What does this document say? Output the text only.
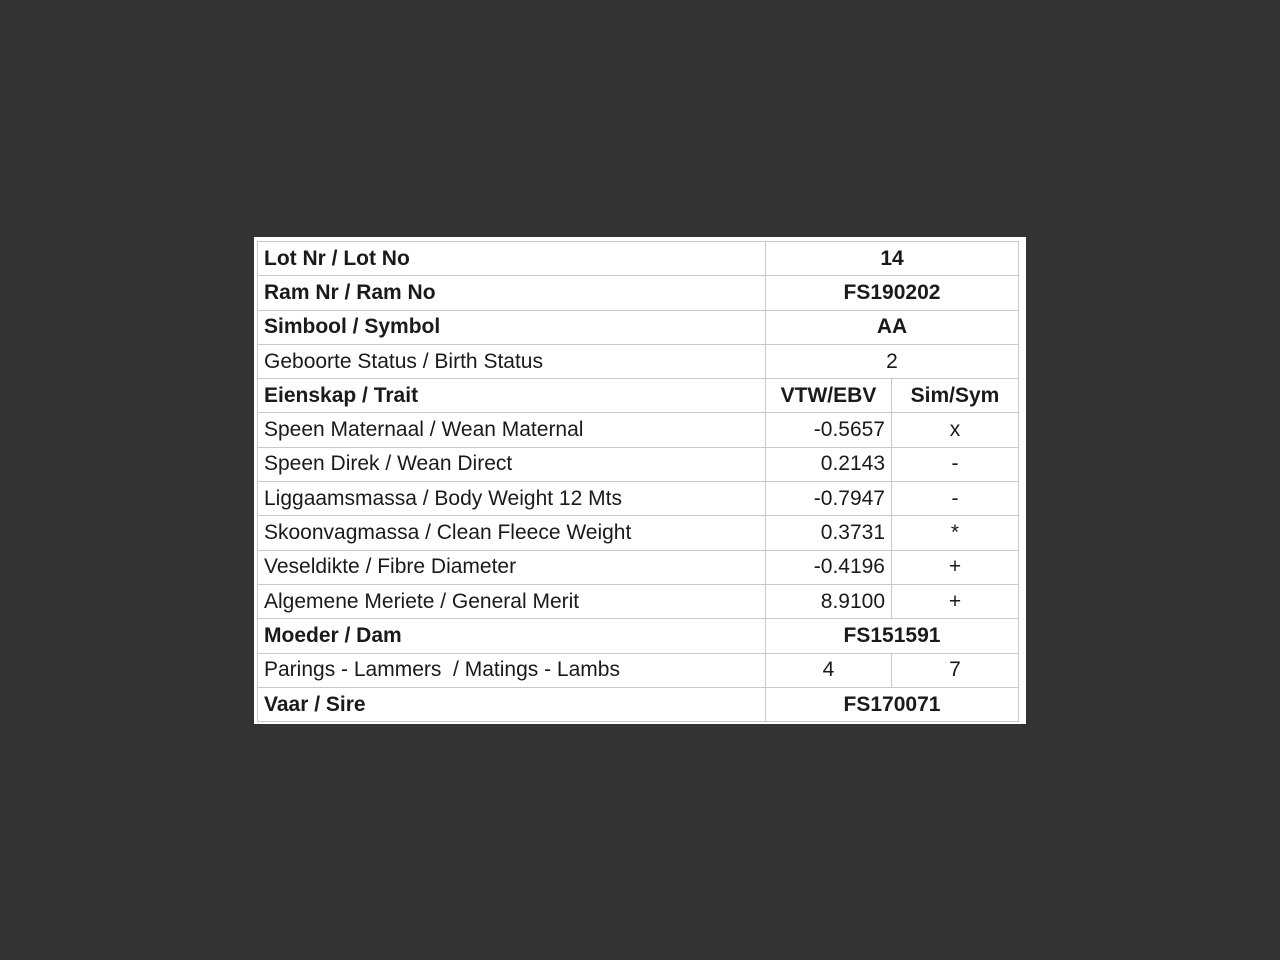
Lot Nr / Lot No	14	
Ram Nr / Ram No	FS190202	
Simbool / Symbol	AA	
Geboorte Status / Birth Status	2	
Eienskap / Trait	VTW/EBV	Sim/Sym
Speen Maternaal / Wean Maternal	-0.5657	x
Speen Direk / Wean Direct	0.2143	-
Liggaamsmassa / Body Weight 12 Mts	-0.7947	-
Skoonvagmassa / Clean Fleece Weight	0.3731	*
Veseldikte / Fibre Diameter	-0.4196	+
Algemene Meriete / General Merit	8.9100	+
Moeder / Dam	FS151591	
Parings - Lammers  / Matings - Lambs	4	7
Vaar / Sire	FS170071	
